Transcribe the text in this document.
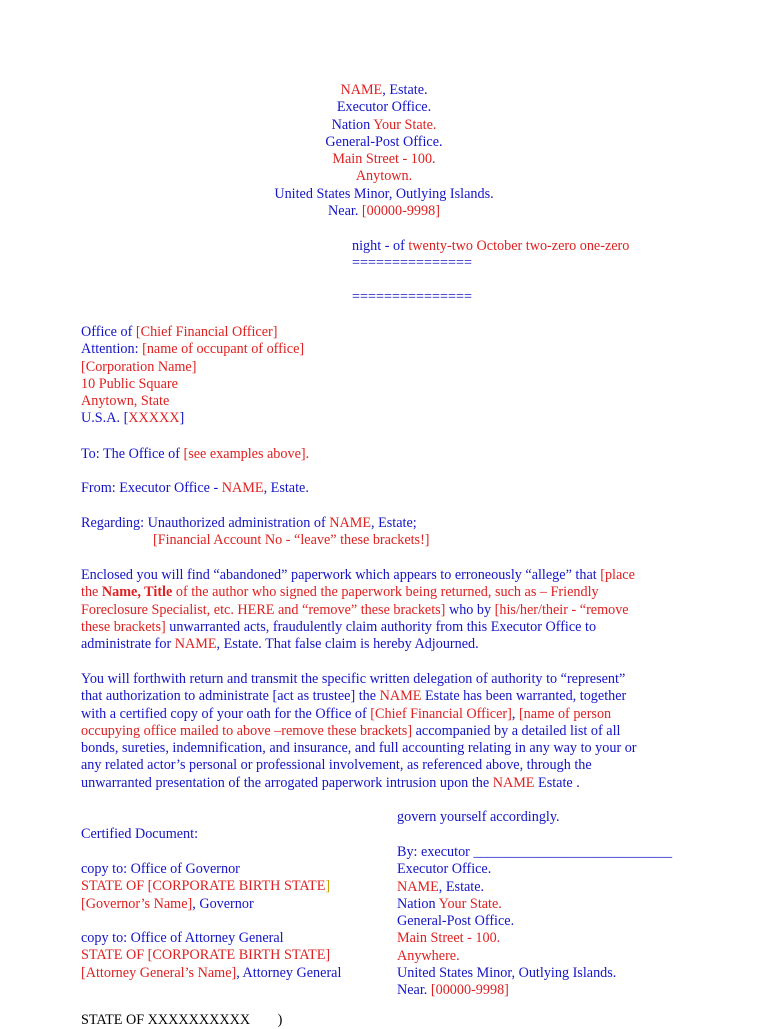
NAME, Estate.
Executor Office.
Nation Your State.
General-Post Office.
Main Street - 100.
Anytown.
United States Minor, Outlying Islands.
Near. [00000-9998]
night - of twenty-two October two-zero one-zero
===============
===============
Office of [Chief Financial Officer]
Attention: [name of occupant of office]
[Corporation Name]
10 Public Square
Anytown, State
U.S.A. [XXXXX]
To: The Office of [see examples above].
From: Executor Office - NAME, Estate.
Regarding: Unauthorized administration of NAME, Estate;
[Financial Account No - “leave” these brackets!]
Enclosed you will find “abandoned” paperwork which appears to erroneously “allege” that [place
the Name, Title of the author who signed the paperwork being returned, such as – Friendly
Foreclosure Specialist, etc. HERE and “remove” these brackets] who by [his/her/their - “remove
these brackets] unwarranted acts, fraudulently claim authority from this Executor Office to
administrate for NAME, Estate. That false claim is hereby Adjourned.
You will forthwith return and transmit the specific written delegation of authority to “represent”
that authorization to administrate [act as trustee] the NAME Estate has been warranted, together
with a certified copy of your oath for the Office of [Chief Financial Officer], [name of person
occupying office mailed to above –remove these brackets] accompanied by a detailed list of all
bonds, sureties, indemnification, and insurance, and full accounting relating in any way to your or
any related actor’s personal or professional involvement, as referenced above, through the
unwarranted presentation of the arrogated paperwork intrusion upon the NAME Estate .
Certified Document:
copy to: Office of Governor
STATE OF [CORPORATE BIRTH STATE]
[Governor’s Name], Governor
copy to: Office of Attorney General
STATE OF [CORPORATE BIRTH STATE]
[Attorney General’s Name], Attorney General
govern yourself accordingly.
By: executor ____________________________
Executor Office.
NAME, Estate.
Nation Your State.
General-Post Office.
Main Street - 100.
Anywhere.
United States Minor, Outlying Islands.
Near. [00000-9998]
STATE OF XXXXXXXXXX )
